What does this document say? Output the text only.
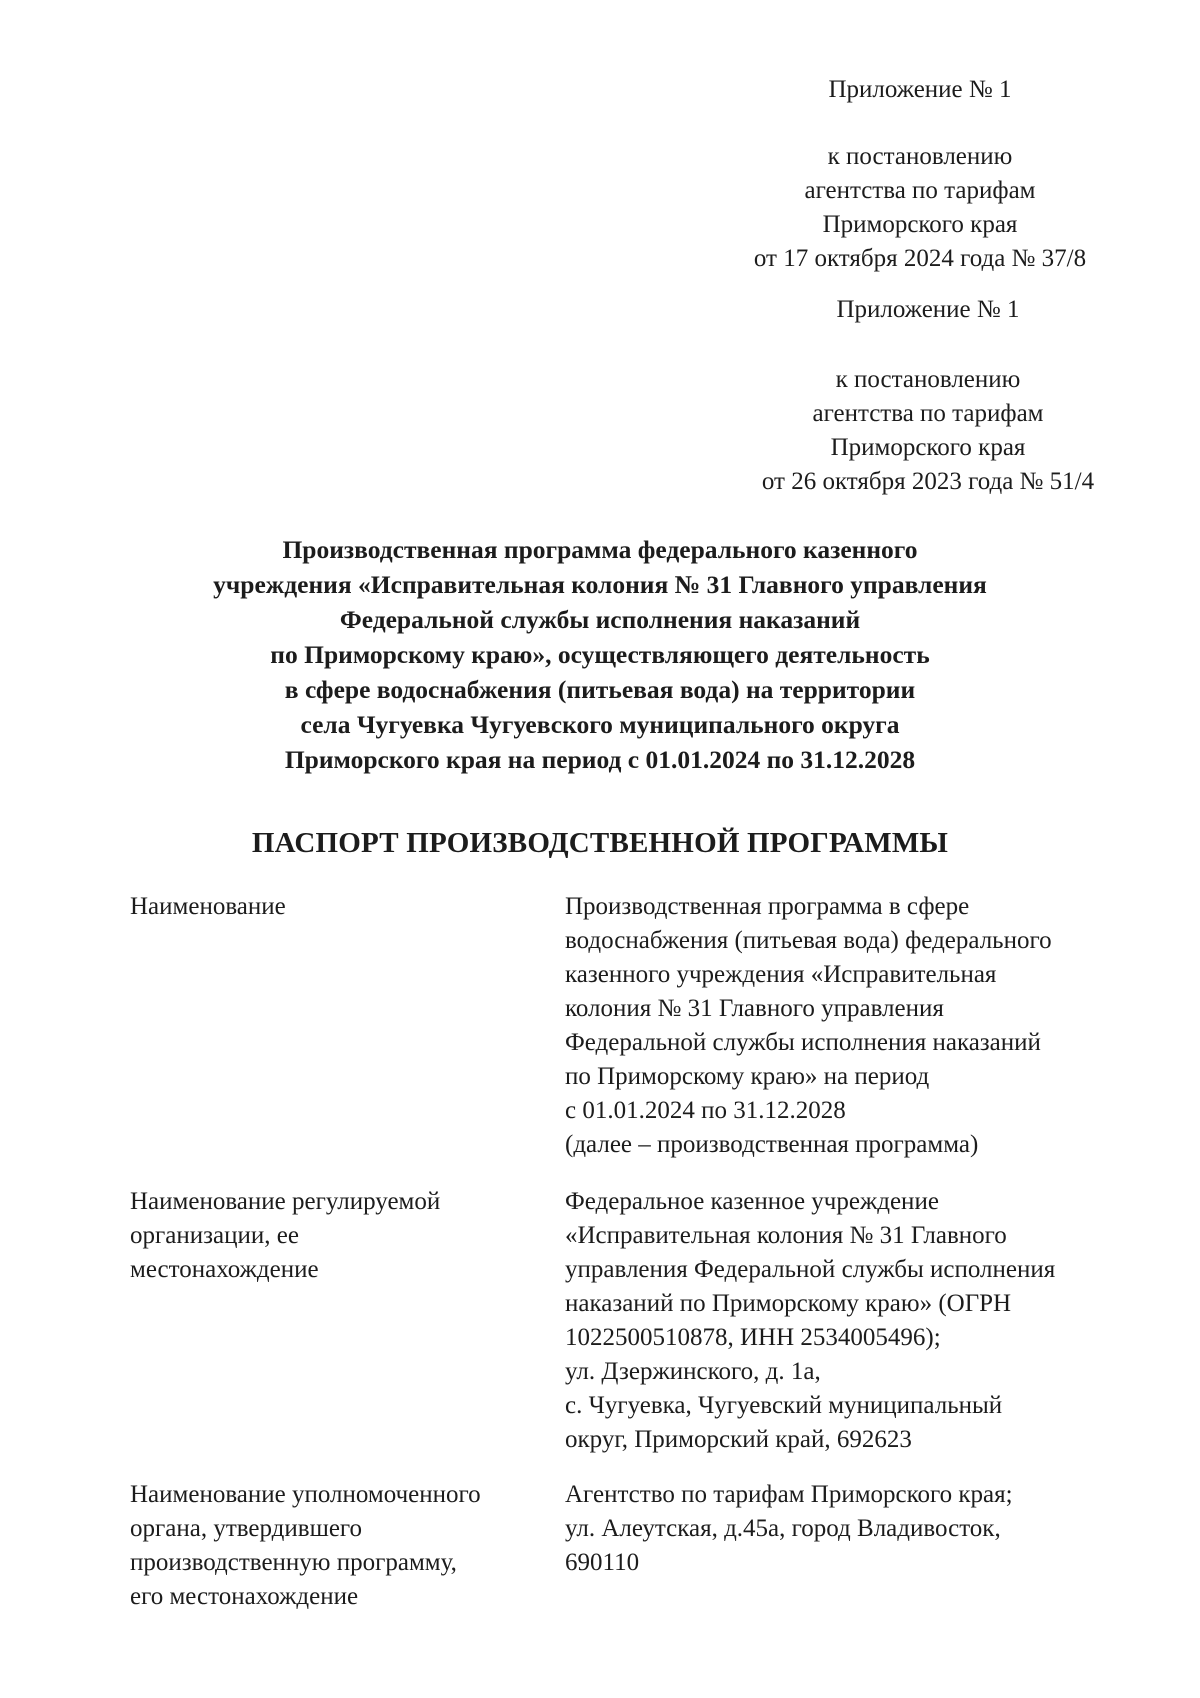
Приложение № 1
к постановлению
агентства по тарифам
Приморского края
от 17 октября 2024 года № 37/8
Приложение № 1
к постановлению
агентства по тарифам
Приморского края
от 26 октября 2023 года № 51/4
Производственная программа федерального казенного
учреждения «Исправительная колония № 31 Главного управления
Федеральной службы исполнения наказаний
по Приморскому краю», осуществляющего деятельность
в сфере водоснабжения (питьевая вода) на территории
села Чугуевка Чугуевского муниципального округа
Приморского края на период с 01.01.2024 по 31.12.2028
ПАСПОРТ ПРОИЗВОДСТВЕННОЙ ПРОГРАММЫ
Наименование	Производственная программа в сфере
водоснабжения (питьевая вода) федерального
казенного учреждения «Исправительная
колония № 31 Главного управления
Федеральной службы исполнения наказаний
по Приморскому краю» на период
с 01.01.2024 по 31.12.2028
(далее – производственная программа)
Наименование регулируемой
организации, ее
местонахождение
Федеральное казенное учреждение
«Исправительная колония № 31 Главного
управления Федеральной службы исполнения
наказаний по Приморскому краю» (ОГРН
1022500510878, ИНН 2534005496);
ул. Дзержинского, д. 1а,
с. Чугуевка, Чугуевский муниципальный
округ, Приморский край, 692623
Наименование уполномоченного
органа, утвердившего
производственную программу,
его местонахождение
Агентство по тарифам Приморского края;
ул. Алеутская, д.45а, город Владивосток,
690110
